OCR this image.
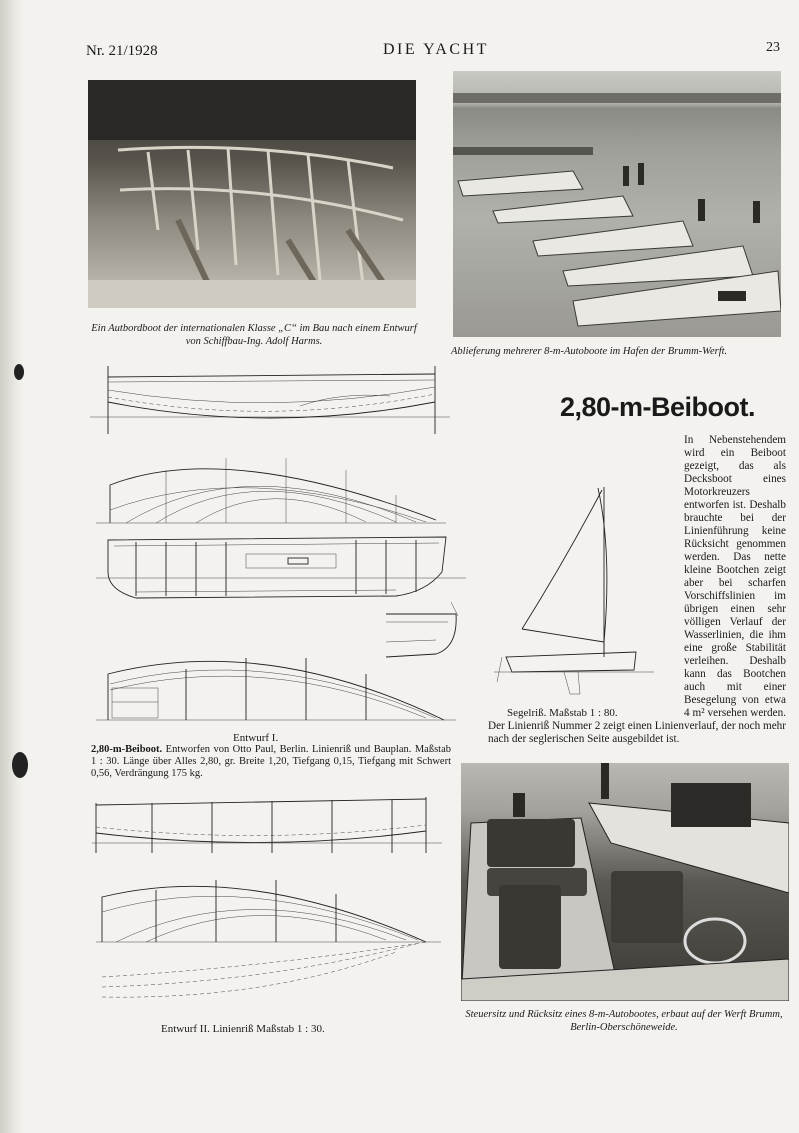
Nr. 21/1928	DIE YACHT	23
Ein Autbordboot der internationalen Klasse „C“ im Bau nach einem Entwurf von Schiffbau-Ing. Adolf Harms.
Ablieferung mehrerer 8-m-Autoboote im Hafen der Brumm-Werft.
2,80-m-Beiboot.
In Nebenstehendem wird ein Beiboot gezeigt, das als Decksboot eines Motorkreuzers entworfen ist. Deshalb brauchte bei der Linienführung keine Rücksicht genommen werden. Das nette kleine Bootchen zeigt aber bei scharfen Vorschiffslinien im übrigen einen sehr völligen Verlauf der Wasserlinien, die ihm eine große Stabilität verleihen. Deshalb kann das Bootchen auch mit einer Besegelung von etwa 4 m² versehen werden. Der Linienriß Nummer 2 zeigt einen Linienverlauf, der noch mehr nach der seglerischen Seite ausgebildet ist.
Segelriß. Maßstab 1 : 80.
Entwurf I.
2,80-m-Beiboot. Entworfen von Otto Paul, Berlin. Linienriß und Bauplan. Maßstab 1 : 30. Länge über Alles 2,80, gr. Breite 1,20, Tiefgang 0,15, Tiefgang mit Schwert 0,56, Verdrängung 175 kg.
Entwurf II. Linienriß Maßstab 1 : 30.
Steuersitz und Rücksitz eines 8-m-Autobootes, erbaut auf der Werft Brumm, Berlin-Oberschöneweide.
